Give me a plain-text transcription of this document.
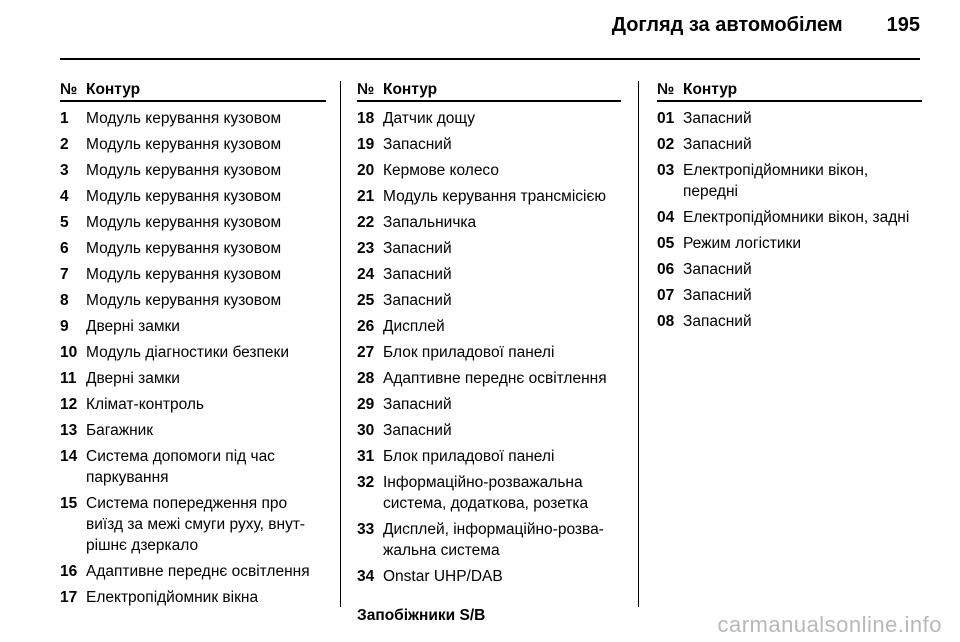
Догляд за автомобілем 195
№ Контур
1	Модуль керування кузовом
2	Модуль керування кузовом
3	Модуль керування кузовом
4	Модуль керування кузовом
5	Модуль керування кузовом
6	Модуль керування кузовом
7	Модуль керування кузовом
8	Модуль керування кузовом
9	Дверні замки
10 Модуль діагностики безпеки
11 Дверні замки
12 Клімат-контроль
13 Багажник
14 Система допомоги під час паркування
15 Система попередження про виїзд за межі смуги руху, внут-рішнє дзеркало
16 Адаптивне переднє освітлення
17 Електропідйомник вікна
№ Контур
18 Датчик дощу
19 Запасний
20 Кермове колесо
21 Модуль керування трансмісією
22 Запальничка
23 Запасний
24 Запасний
25 Запасний
26 Дисплей
27 Блок приладової панелі
28 Адаптивне переднє освітлення
29 Запасний
30 Запасний
31 Блок приладової панелі
32 Інформаційно-розважальна система, додаткова, розетка
33 Дисплей, інформаційно-розва-жальна система
34 Onstar UHP/DAB
Запобіжники S/B
№ Контур
01 Запасний
02 Запасний
03 Електропідйомники вікон, передні
04 Електропідйомники вікон, задні
05 Режим логістики
06 Запасний
07 Запасний
08 Запасний
carmanualsonline.info
